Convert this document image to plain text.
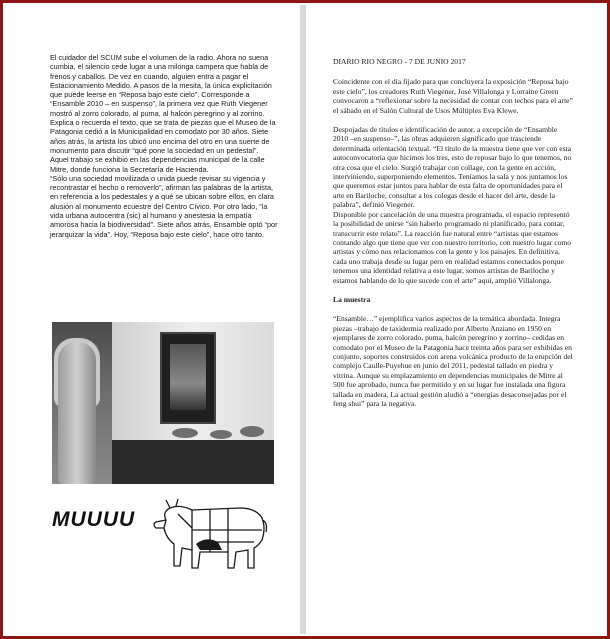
El cuidador del SCUM sube el volumen de la radio. Ahora no suena cumbia, el silencio cede lugar a una milonga campera que habla de frenos y caballos. De vez en cuando, alguien entra a pagar el Estacionamiento Medido. A pasos de la mesita, la única explicitación que puede leerse en “Reposa bajo este cielo”. Corresponde a “Ensamble 2010 – en suspenso”, la primera vez que Ruth Viegener mostró al zorro colorado, al puma, al halcón peregrino y al zorrino.

Explica o recuerda el texto, que se trata de piezas que el Museo de la Patagonia cedió a la Municipalidad en comodato por 30 años. Siete años atrás, la artista los ubicó uno encima del otro en una suerte de monumento para discutir “qué pone la sociedad en un pedestal”. Aquel trabajo se exhibió en las dependencias municipal de la calle Mitre, donde funciona la Secretaría de Hacienda.

“Sólo una sociedad movilizada o unida puede revisar su vigencia y recontrastar el hecho o removerlo”, afirman las palabras de la artista, en referencia a los pedestales y a qué se ubican sobre ellos, en clara alusión al monumento ecuestre del Centro Cívico. Por otro lado, “la vida urbana autocentra (sic) al humano y anestesia la empatía amorosa hacia la biodiversidad”. Siete años atrás, Ensamble optó “por jerarquizar la vida”. Hoy, “Reposa bajo este cielo”, hace otro tanto.

MUUUU

DIARIO RIO NEGRO - 7 DE JUNIO 2017

Coincidente con el día fijado para que concluyera la exposición “Reposa bajo este cielo”, los creadores Ruth Viegener, José Villalonga y Lorraine Green convocaron a “reflexionar sobre la necesidad de contar con techos para el arte” el sábado en el Salón Cultural de Usos Múltiples Eva Klewe.

Despojadas de títulos e identificación de autor, a excepción de “Ensamble 2010 –en suspenso–”, las obras adquieren significado que trasciende determinada orientación textual. “El título de la muestra tiene que ver con esta autoconvocatoria que hicimos los tres, esto de reposar bajo lo que tenemos, no otra cosa que el cielo. Surgió trabajar con collage, con la gente en acción, interviniendo, superponiendo elementos. Teníamos la sala y nos juntamos los que queremos estar juntos para hablar de esta falta de oportunidades para el arte en Bariloche, consultar a los colegas desde el hacer del arte, desde la palabra”, definió Viegener.

Disponible por cancelación de una muestra programada, el espacio representó la posibilidad de unirse “sin haberlo programado ni planificado, para contar, transcurrir este relato”. La reacción fue natural entre “artistas que estamos contando algo que tiene que ver con nuestro territorio, con nuestro lugar como artistas y cómo nos relacionamos con la gente y los paisajes. En definitiva, cada uno trabaja desde su lugar pero en realidad estamos conectados porque tenemos una identidad relativa a este lugar, somos artistas de Bariloche y estamos hablando de lo que sucede con el arte” aquí, amplió Villalonga.

La muestra

“Ensamble…” ejemplifica varios aspectos de la temática abordada. Integra piezas –trabajo de taxidermia realizado por Alberto Anziano en 1950 en ejemplares de zorro colorado, puma, halcón peregrino y zorrino– cedidas en comodato por el Museo de la Patagonia hace treinta años para ser exhibidas en conjunto, soportes construidos con arena volcánica producto de la erupción del complejo Caulle-Puyehue en junio del 2011, pedestal tallado en piedra y vitrina. Aunque su emplazamiento en dependencias municipales de Mitre al 500 fue aprobado, nunca fue permitido y en su lugar fue instalada una figura tallada en madera. La actual gestión aludió a “energías desaconsejadas por el feng shui” para la negativa.
